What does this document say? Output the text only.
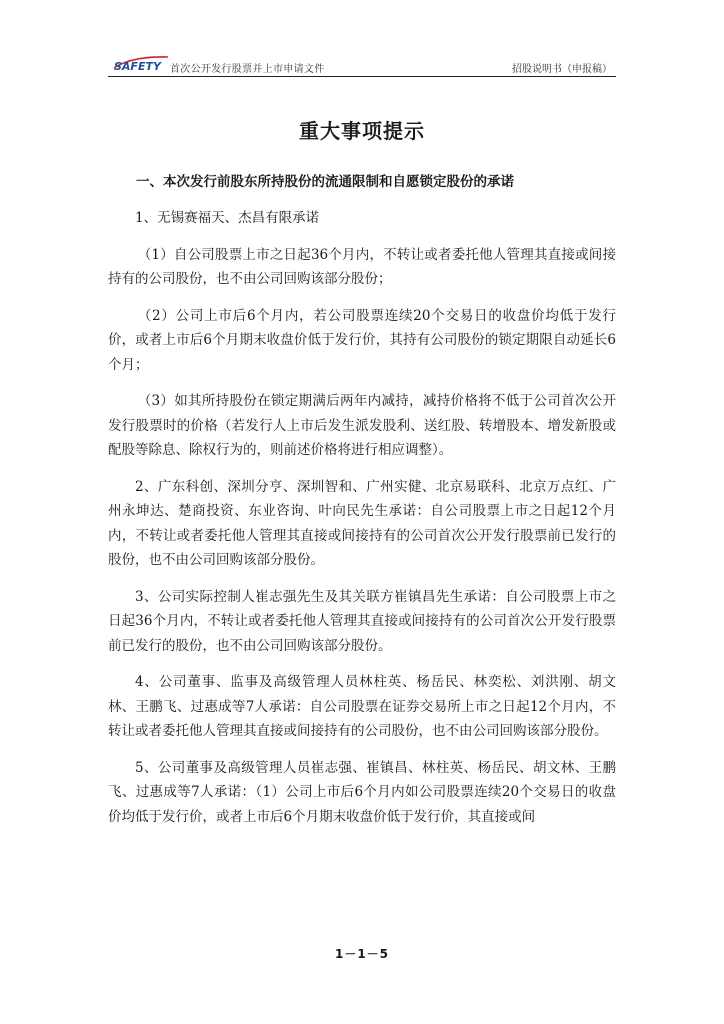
SAFETY 首次公开发行股票并上市申请文件	招股说明书（申报稿）
重大事项提示
一、本次发行前股东所持股份的流通限制和自愿锁定股份的承诺

1、无锡赛福天、杰昌有限承诺

（1）自公司股票上市之日起36个月内，不转让或者委托他人管理其直接或间接持有的公司股份，也不由公司回购该部分股份；

（2）公司上市后6个月内，若公司股票连续20个交易日的收盘价均低于发行价，或者上市后6个月期末收盘价低于发行价，其持有公司股份的锁定期限自动延长6个月；

（3）如其所持股份在锁定期满后两年内减持，减持价格将不低于公司首次公开发行股票时的价格（若发行人上市后发生派发股利、送红股、转增股本、增发新股或配股等除息、除权行为的，则前述价格将进行相应调整）。

2、广东科创、深圳分亨、深圳智和、广州实健、北京易联科、北京万点红、广州永坤达、楚商投资、东业咨询、叶向民先生承诺：自公司股票上市之日起12个月内，不转让或者委托他人管理其直接或间接持有的公司首次公开发行股票前已发行的股份，也不由公司回购该部分股份。

3、公司实际控制人崔志强先生及其关联方崔镇昌先生承诺：自公司股票上市之日起36个月内，不转让或者委托他人管理其直接或间接持有的公司首次公开发行股票前已发行的股份，也不由公司回购该部分股份。

4、公司董事、监事及高级管理人员林柱英、杨岳民、林奕松、刘洪刚、胡文林、王鹏飞、过惠成等7人承诺：自公司股票在证券交易所上市之日起12个月内，不转让或者委托他人管理其直接或间接持有的公司股份，也不由公司回购该部分股份。

5、公司董事及高级管理人员崔志强、崔镇昌、林柱英、杨岳民、胡文林、王鹏飞、过惠成等7人承诺：（1）公司上市后6个月内如公司股票连续20个交易日的收盘价均低于发行价，或者上市后6个月期末收盘价低于发行价，其直接或间

1－1－5
